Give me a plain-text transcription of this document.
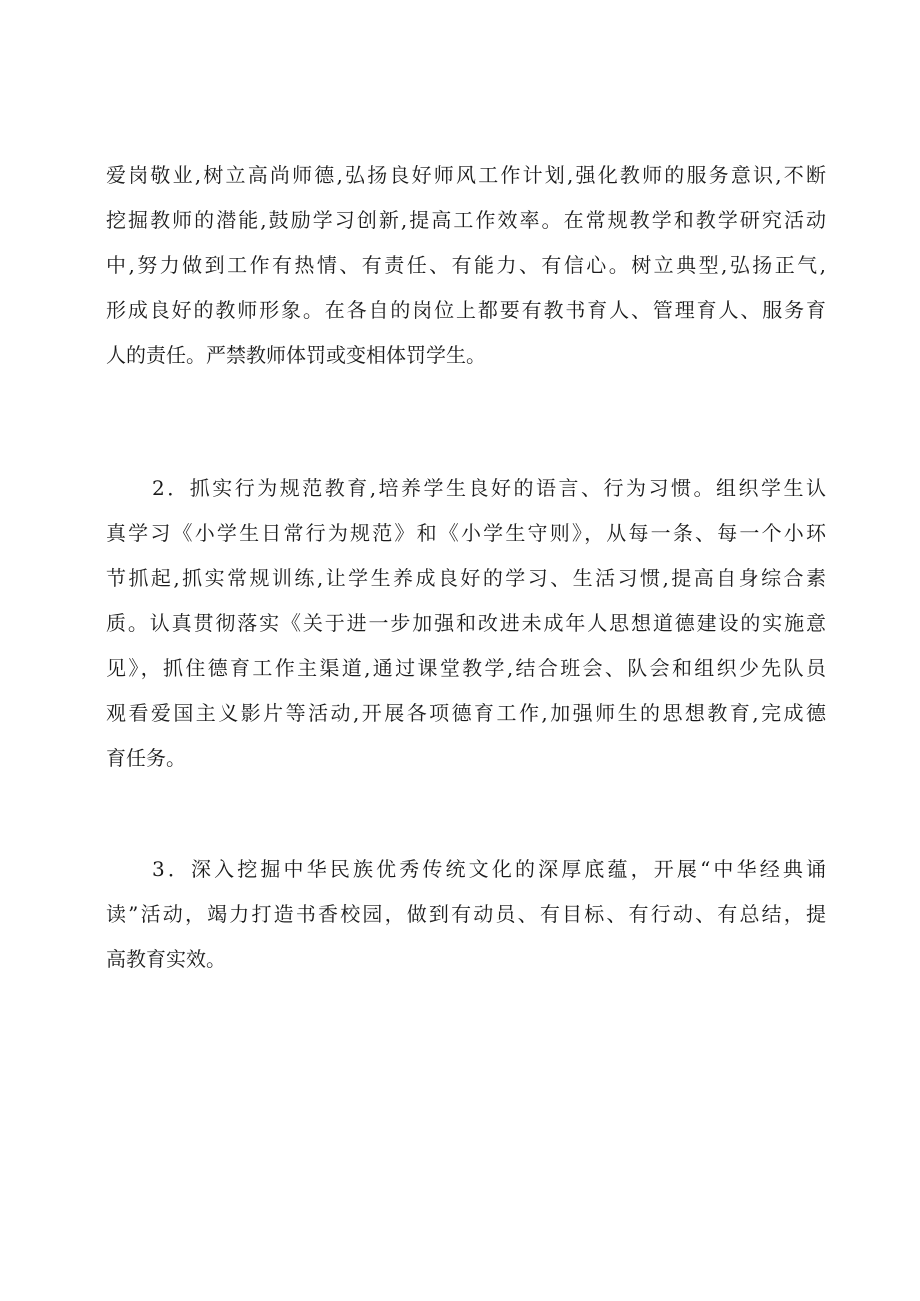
爱岗敬业,树立高尚师德,弘扬良好师风工作计划,强化教师的服务意识,不断
挖掘教师的潜能,鼓励学习创新,提高工作效率。在常规教学和教学研究活动
中,努力做到工作有热情、有责任、有能力、有信心。树立典型,弘扬正气,
形成良好的教师形象。在各自的岗位上都要有教书育人、管理育人、服务育
人的责任。严禁教师体罚或变相体罚学生。
2．抓实行为规范教育,培养学生良好的语言、行为习惯。组织学生认
真学习《小学生日常行为规范》和《小学生守则》，从每一条、每一个小环
节抓起,抓实常规训练,让学生养成良好的学习、生活习惯,提高自身综合素
质。认真贯彻落实《关于进一步加强和改进未成年人思想道德建设的实施意
见》，抓住德育工作主渠道,通过课堂教学,结合班会、队会和组织少先队员
观看爱国主义影片等活动,开展各项德育工作,加强师生的思想教育,完成德
育任务。
3．深入挖掘中华民族优秀传统文化的深厚底蕴，开展“中华经典诵
读”活动，竭力打造书香校园，做到有动员、有目标、有行动、有总结，提
高教育实效。
